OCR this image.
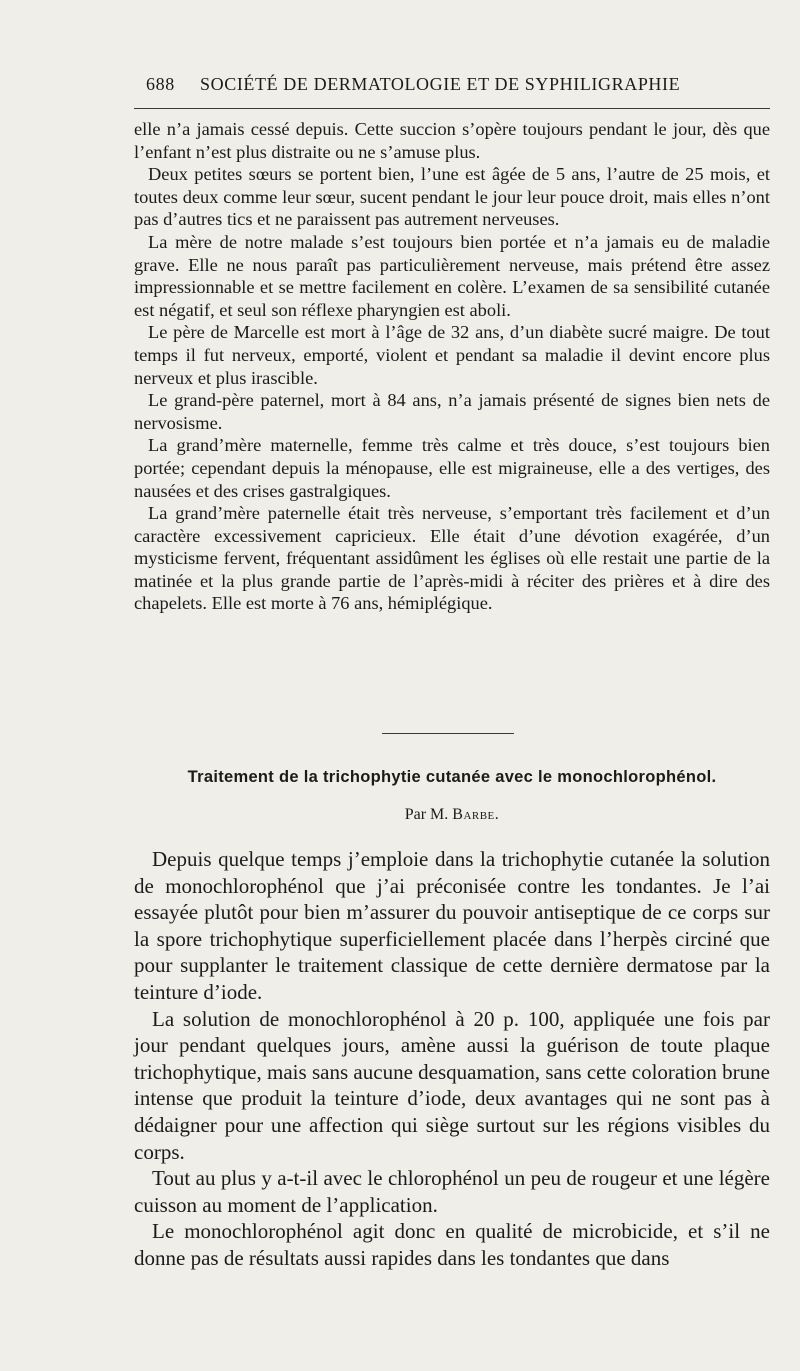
688 SOCIÉTÉ DE DERMATOLOGIE ET DE SYPHILIGRAPHIE

elle n’a jamais cessé depuis. Cette succion s’opère toujours pendant le jour, dès que l’enfant n’est plus distraite ou ne s’amuse plus.

Deux petites sœurs se portent bien, l’une est âgée de 5 ans, l’autre de 25 mois, et toutes deux comme leur sœur, sucent pendant le jour leur pouce droit, mais elles n’ont pas d’autres tics et ne paraissent pas autrement nerveuses.

La mère de notre malade s’est toujours bien portée et n’a jamais eu de maladie grave. Elle ne nous paraît pas particulièrement nerveuse, mais prétend être assez impressionnable et se mettre facilement en colère. L’examen de sa sensibilité cutanée est négatif, et seul son réflexe pharyngien est aboli.

Le père de Marcelle est mort à l’âge de 32 ans, d’un diabète sucré maigre. De tout temps il fut nerveux, emporté, violent et pendant sa maladie il devint encore plus nerveux et plus irascible.

Le grand-père paternel, mort à 84 ans, n’a jamais présenté de signes bien nets de nervosisme.

La grand’mère maternelle, femme très calme et très douce, s’est toujours bien portée; cependant depuis la ménopause, elle est migraineuse, elle a des vertiges, des nausées et des crises gastralgiques.

La grand’mère paternelle était très nerveuse, s’emportant très facilement et d’un caractère excessivement capricieux. Elle était d’une dévotion exagérée, d’un mysticisme fervent, fréquentant assidûment les églises où elle restait une partie de la matinée et la plus grande partie de l’après-midi à réciter des prières et à dire des chapelets. Elle est morte à 76 ans, hémiplégique.

Traitement de la trichophytie cutanée avec le monochlorophénol.
Par M. Barbe.

Depuis quelque temps j’emploie dans la trichophytie cutanée la solution de monochlorophénol que j’ai préconisée contre les tondantes. Je l’ai essayée plutôt pour bien m’assurer du pouvoir antiseptique de ce corps sur la spore trichophytique superficiellement placée dans l’herpès circiné que pour supplanter le traitement classique de cette dernière dermatose par la teinture d’iode.

La solution de monochlorophénol à 20 p. 100, appliquée une fois par jour pendant quelques jours, amène aussi la guérison de toute plaque trichophytique, mais sans aucune desquamation, sans cette coloration brune intense que produit la teinture d’iode, deux avantages qui ne sont pas à dédaigner pour une affection qui siège surtout sur les régions visibles du corps.

Tout au plus y a-t-il avec le chlorophénol un peu de rougeur et une légère cuisson au moment de l’application.

Le monochlorophénol agit donc en qualité de microbicide, et s’il ne donne pas de résultats aussi rapides dans les tondantes que dans
